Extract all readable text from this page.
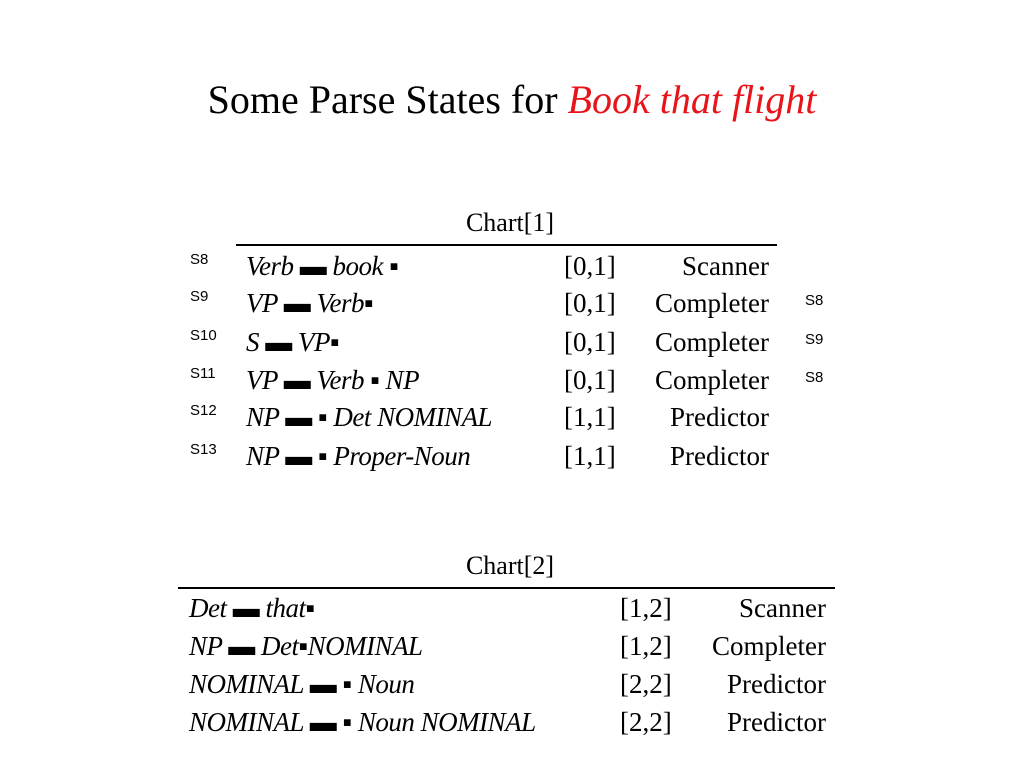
Some Parse States for Book that flight
Chart[1]
S8	Verb ▬ book ▪	[0,1]	Scanner
S9	VP ▬ Verb▪	[0,1]	Completer S8
S10	S ▬ VP▪	[0,1]	Completer S9
S11	VP ▬ Verb ▪ NP	[0,1]	Completer S8
S12	NP ▬ ▪ Det NOMINAL	[1,1]	Predictor
S13	NP ▬ ▪ Proper-Noun	[1,1]	Predictor
Chart[2]
Det ▬ that▪	[1,2]	Scanner
NP ▬ Det▪NOMINAL	[1,2]	Completer
NOMINAL ▬ ▪ Noun	[2,2]	Predictor
NOMINAL ▬ ▪ Noun NOMINAL	[2,2]	Predictor
